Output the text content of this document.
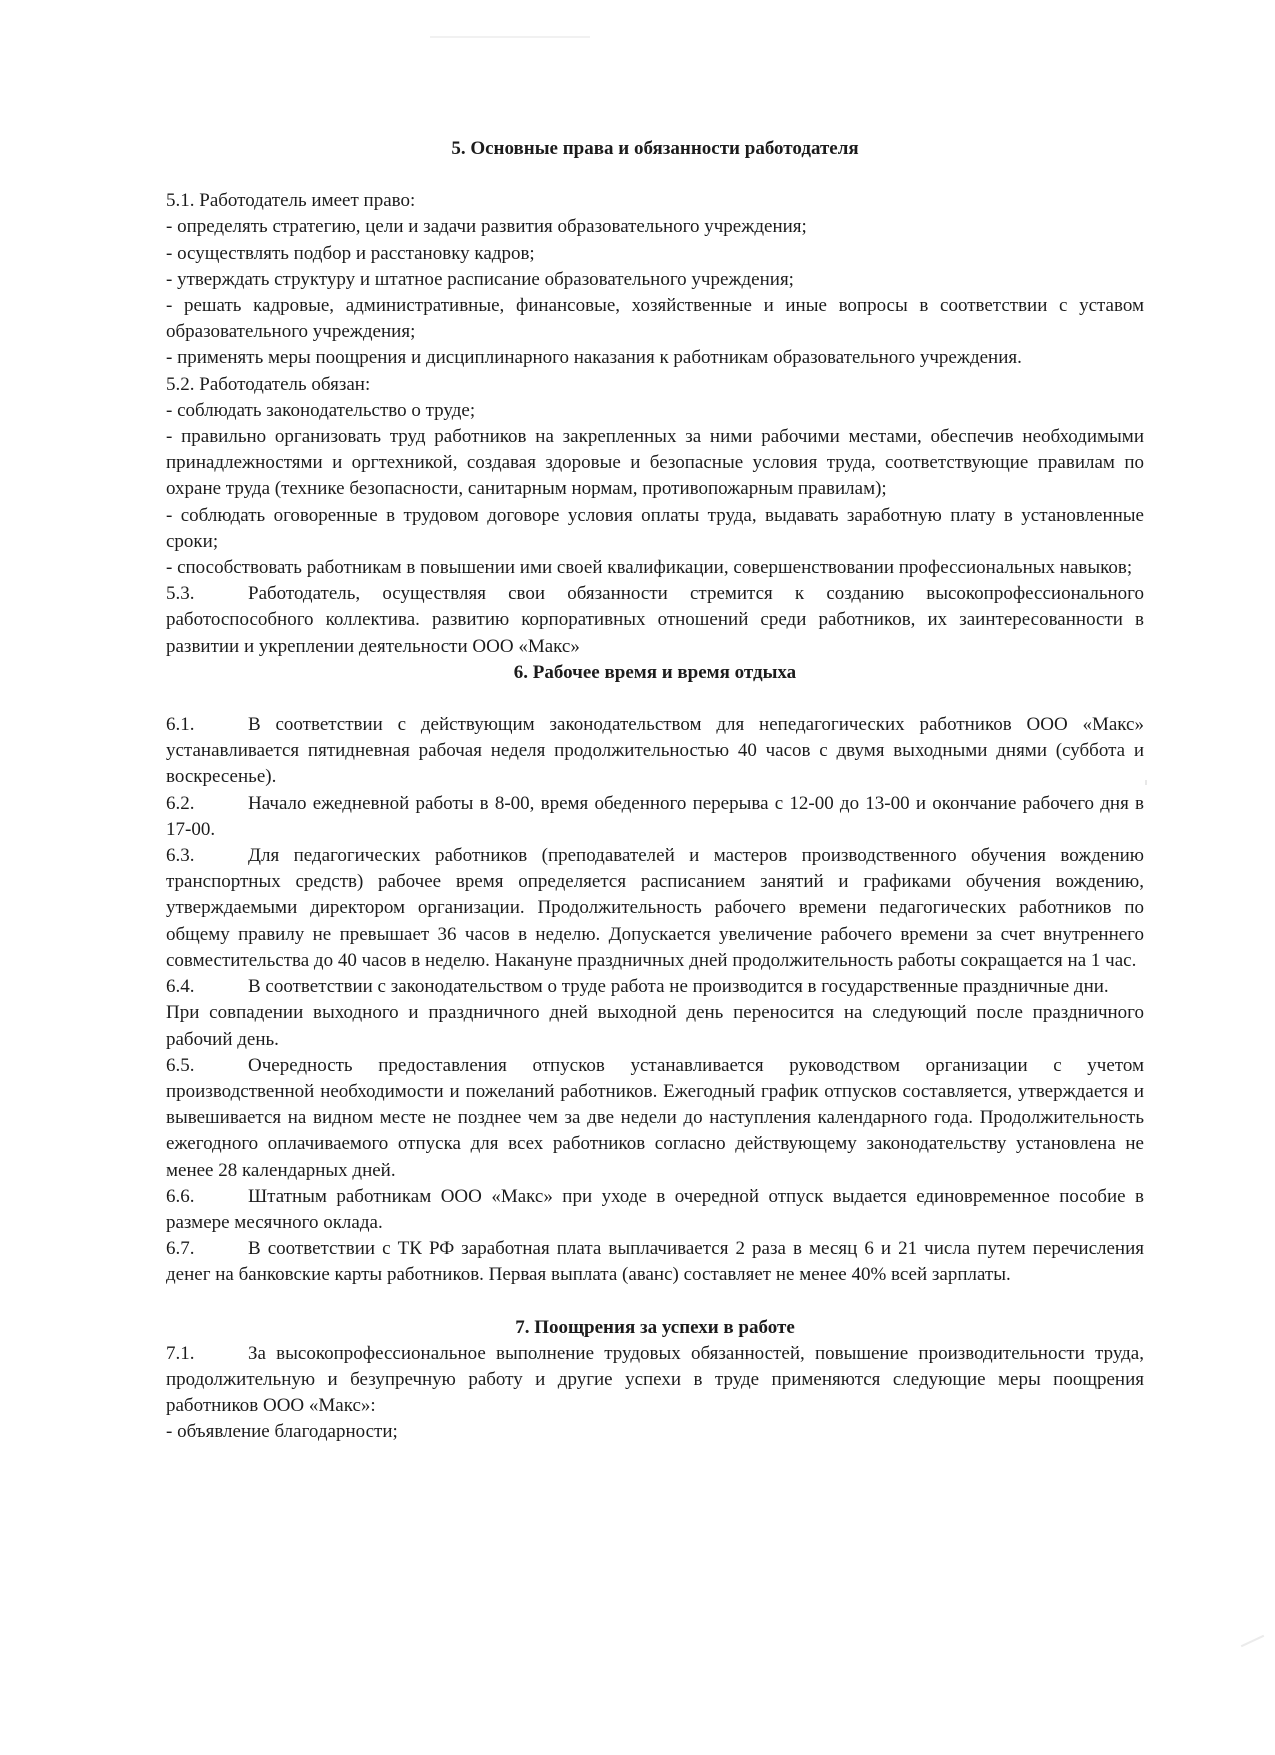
5. Основные права и обязанности работодателя

5.1. Работодатель имеет право:

- определять стратегию, цели и задачи развития образовательного учреждения;

- осуществлять подбор и расстановку кадров;

- утверждать структуру и штатное расписание образовательного учреждения;

- решать кадровые, административные, финансовые, хозяйственные и иные вопросы в соответствии с уставом образовательного учреждения;

- применять меры поощрения и дисциплинарного наказания к работникам образовательного учреждения.

5.2. Работодатель обязан:

- соблюдать законодательство о труде;

- правильно организовать труд работников на закрепленных за ними рабочими местами, обеспечив необходимыми принадлежностями и оргтехникой, создавая здоровые и безопасные условия труда, соответствующие правилам по охране труда (технике безопасности, санитарным нормам, противопожарным правилам);

- соблюдать оговоренные в трудовом договоре условия оплаты труда, выдавать заработную плату в установленные сроки;

- способствовать работникам в повышении ими своей квалификации, совершенствовании профессиональных навыков;

5.3.	Работодатель, осуществляя свои обязанности стремится к созданию высокопрофессионального работоспособного коллектива. развитию корпоративных отношений среди работников, их заинтересованности в развитии и укреплении деятельности ООО «Макс»

6. Рабочее время и время отдыха

6.1.	В соответствии с действующим законодательством для непедагогических работников ООО «Макс» устанавливается пятидневная рабочая неделя продолжительностью 40 часов с двумя выходными днями (суббота и воскресенье).

6.2.	Начало ежедневной работы в 8-00, время обеденного перерыва с 12-00 до 13-00 и окончание рабочего дня в 17-00.

6.3.	Для педагогических работников (преподавателей и мастеров производственного обучения вождению транспортных средств) рабочее время определяется расписанием занятий и графиками обучения вождению, утверждаемыми директором организации. Продолжительность рабочего времени педагогических работников по общему правилу не превышает 36 часов в неделю. Допускается увеличение рабочего времени за счет внутреннего совместительства до 40 часов в неделю. Накануне праздничных дней продолжительность работы сокращается на 1 час.

6.4.	В соответствии с законодательством о труде работа не производится в государственные праздничные дни.

При совпадении выходного и праздничного дней выходной день переносится на следующий после праздничного рабочий день.

6.5.	Очередность предоставления отпусков устанавливается руководством организации с учетом производственной необходимости и пожеланий работников. Ежегодный график отпусков составляется, утверждается и вывешивается на видном месте не позднее чем за две недели до наступления календарного года. Продолжительность ежегодного оплачиваемого отпуска для всех работников согласно действующему законодательству установлена не менее 28 календарных дней.

6.6.	Штатным работникам ООО «Макс» при уходе в очередной отпуск выдается единовременное пособие в размере месячного оклада.

6.7.	В соответствии с ТК РФ заработная плата выплачивается 2 раза в месяц 6 и 21 числа путем перечисления денег на банковские карты работников. Первая выплата (аванс) составляет не менее 40% всей зарплаты.

7. Поощрения за успехи в работе

7.1.	За высокопрофессиональное выполнение трудовых обязанностей, повышение производительности труда, продолжительную и безупречную работу и другие успехи в труде применяются следующие меры поощрения работников ООО «Макс»:

- объявление благодарности;
